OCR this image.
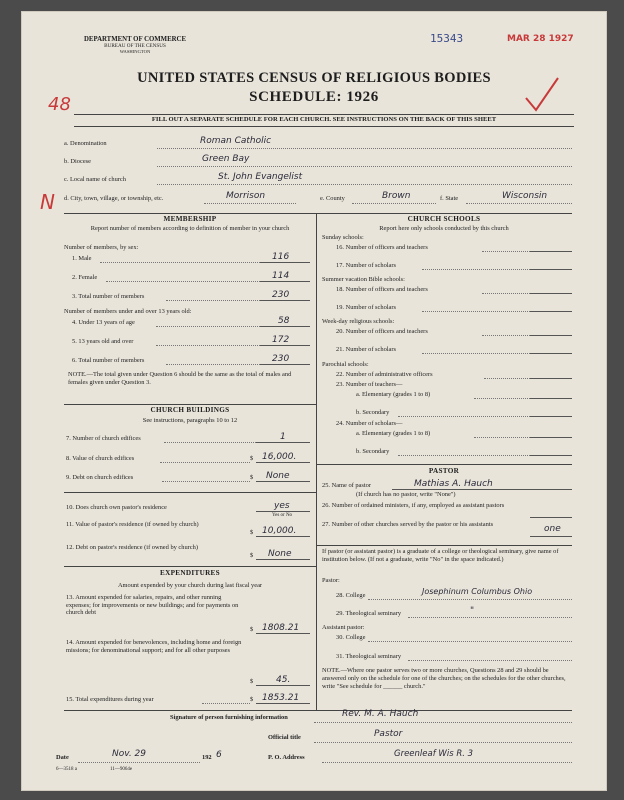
DEPARTMENT OF COMMERCE
BUREAU OF THE CENSUS
WASHINGTON
15343	MAR 28 1927
48
N
UNITED STATES CENSUS OF RELIGIOUS BODIES
SCHEDULE: 1926
FILL OUT A SEPARATE SCHEDULE FOR EACH CHURCH. SEE INSTRUCTIONS ON THE BACK OF THIS SHEET
a. Denomination	Roman Catholic
b. Diocese	Green Bay
c. Local name of church	St. John Evangelist
d. City, town, village, or township, etc.	Morrison	e. County	Brown	f. State	Wisconsin
MEMBERSHIP
Report number of members according to definition of member in your church
Number of members, by sex:
1. Male	116
2. Female	114
3. Total number of members	230
Number of members under and over 13 years old:
4. Under 13 years of age	58
5. 13 years old and over	172
6. Total number of members	230
NOTE.—The total given under Question 6 should be the same as the total of males and females given under Question 3.
CHURCH BUILDINGS
See instructions, paragraphs 10 to 12
7. Number of church edifices	1
8. Value of church edifices	$ 16,000.
9. Debt on church edifices	$ None
10. Does church own pastor's residence	yes
Yes or No
11. Value of pastor's residence (if owned by church)
$ 10,000.
12. Debt on pastor's residence (if owned by church)
$ None
EXPENDITURES
Amount expended by your church during last fiscal year
13. Amount expended for salaries, repairs, and other running expenses; for improvements or new buildings; and for payments on church debt
$ 1808.21
14. Amount expended for benevolences, including home and foreign missions; for denominational support; and for all other purposes
$	45.
15. Total expenditures during year	$ 1853.21
CHURCH SCHOOLS
Report here only schools conducted by this church
Sunday schools:
16. Number of officers and teachers
17. Number of scholars
Summer vacation Bible schools:
18. Number of officers and teachers
19. Number of scholars
Week-day religious schools:
20. Number of officers and teachers
21. Number of scholars
Parochial schools:
22. Number of administrative officers
23. Number of teachers—
a. Elementary (grades 1 to 8)
b. Secondary
24. Number of scholars—
a. Elementary (grades 1 to 8)
b. Secondary
PASTOR
25. Name of pastor	Mathias A. Hauch
(If church has no pastor, write "None")
26. Number of ordained ministers, if any, employed as assistant pastors
27. Number of other churches served by the pastor or his assistants	one
If pastor (or assistant pastor) is a graduate of a college or theological seminary, give name of institution below. (If not a graduate, write "No" in the space indicated.)
Pastor:
28. College	Josephinum Columbus Ohio
29. Theological seminary	"
Assistant pastor:
30. College
31. Theological seminary
NOTE.—Where one pastor serves two or more churches, Questions 28 and 29 should be answered only on the schedule for one of the churches; on the schedules for the other churches, write "See schedule for ______ church."
Signature of person furnishing information	Rev. M. A. Hauch
Official title	Pastor
Date	Nov. 29	192 6	P. O. Address	Greenleaf Wis R. 3
6—3518 a	11—9064e
